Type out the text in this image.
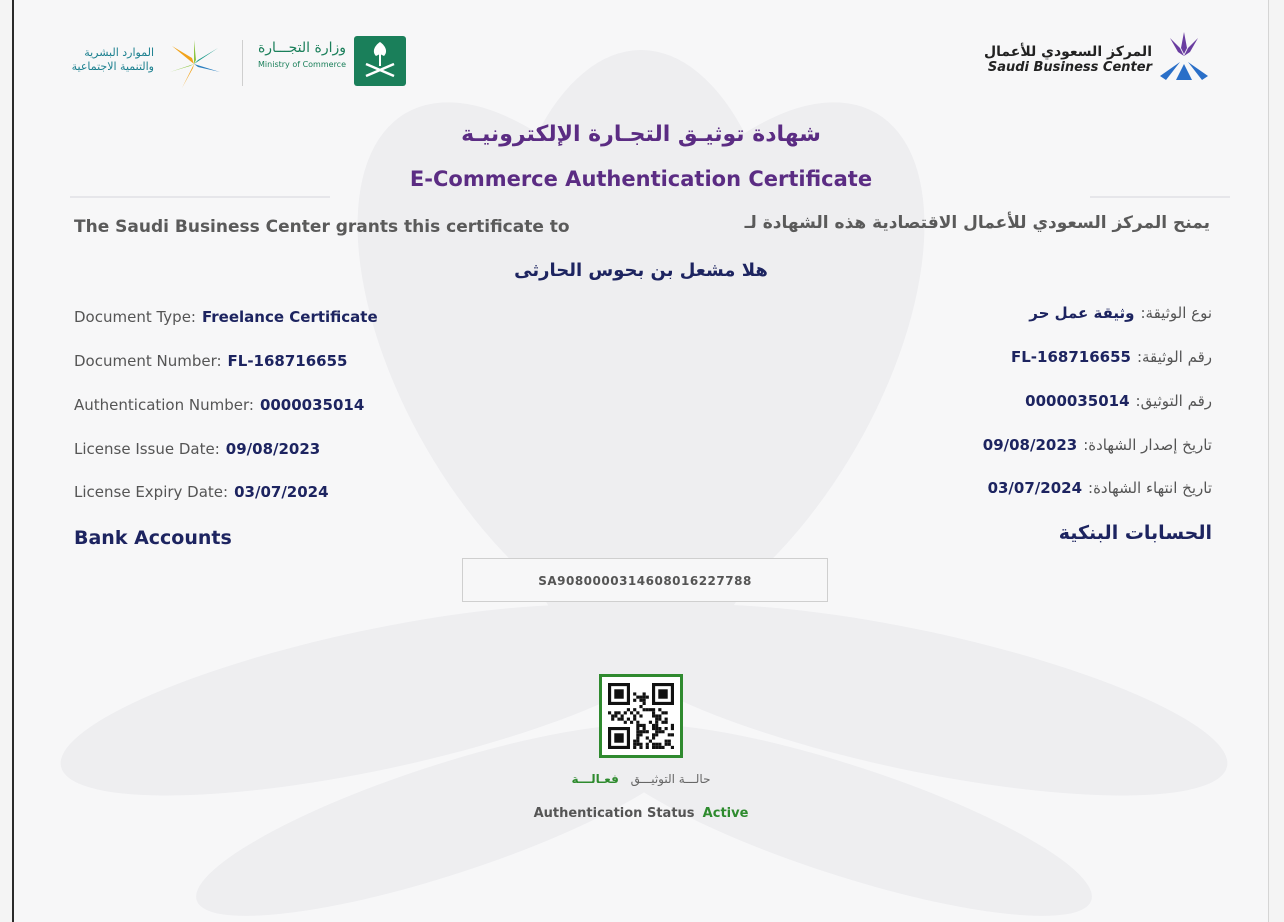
الموارد البشرية
والتنمية الاجتماعية
وزارة التجـــارة
Ministry of Commerce
المركز السعودي للأعمال
Saudi Business Center
شهادة توثيـق التجـارة الإلكترونيـة
E-Commerce Authentication Certificate
The Saudi Business Center grants this certificate to	يمنح المركز السعودي للأعمال الاقتصادية هذه الشهادة لـ
هلا مشعل بن بحوس الحارثى
Document Type: Freelance Certificate
Document Number: FL-168716655
Authentication Number: 0000035014
License Issue Date: 09/08/2023
License Expiry Date: 03/07/2024
نوع الوثيقة:وثيقة عمل حر
رقم الوثيقة:FL-168716655
رقم التوثيق:0000035014
تاريخ إصدار الشهادة:09/08/2023
تاريخ انتهاء الشهادة:03/07/2024
Bank Accounts	الحسابات البنكية
SA9080000314608016227788
حالـــة التوثيـــق فعـالـــة
Authentication Status Active
